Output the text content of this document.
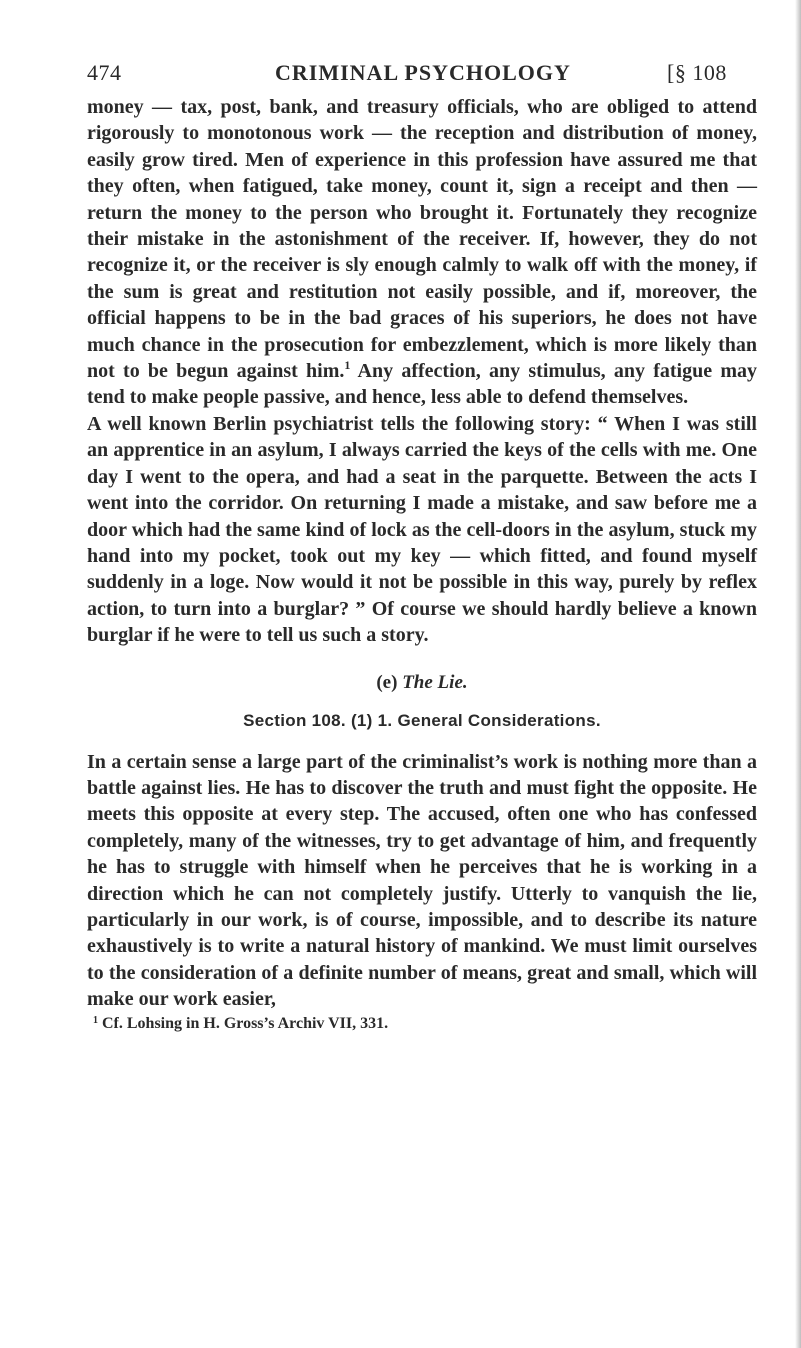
474	CRIMINAL PSYCHOLOGY	[§ 108

money — tax, post, bank, and treasury officials, who are obliged to attend rigorously to monotonous work — the reception and distribution of money, easily grow tired. Men of experience in this profession have assured me that they often, when fatigued, take money, count it, sign a receipt and then — return the money to the person who brought it. Fortunately they recognize their mistake in the astonishment of the receiver. If, however, they do not recognize it, or the receiver is sly enough calmly to walk off with the money, if the sum is great and restitution not easily possible, and if, moreover, the official happens to be in the bad graces of his superiors, he does not have much chance in the prosecution for embezzlement, which is more likely than not to be begun against him.$^1$ Any affection, any stimulus, any fatigue may tend to make people passive, and hence, less able to defend themselves.

A well known Berlin psychiatrist tells the following story: “ When I was still an apprentice in an asylum, I always carried the keys of the cells with me. One day I went to the opera, and had a seat in the parquette. Between the acts I went into the corridor. On returning I made a mistake, and saw before me a door which had the same kind of lock as the cell-doors in the asylum, stuck my hand into my pocket, took out my key — which fitted, and found myself suddenly in a loge. Now would it not be possible in this way, purely by reflex action, to turn into a burglar? ” Of course we should hardly believe a known burglar if he were to tell us such a story.

(e) The Lie.
Section 108. (1) 1. General Considerations.

In a certain sense a large part of the criminalist’s work is nothing more than a battle against lies. He has to discover the truth and must fight the opposite. He meets this opposite at every step. The accused, often one who has confessed completely, many of the witnesses, try to get advantage of him, and frequently he has to struggle with himself when he perceives that he is working in a direction which he can not completely justify. Utterly to vanquish the lie, particularly in our work, is of course, impossible, and to describe its nature exhaustively is to write a natural history of mankind. We must limit ourselves to the consideration of a definite number of means, great and small, which will make our work easier,

$^1$ Cf. Lohsing in H. Gross’s Archiv VII, 331.
